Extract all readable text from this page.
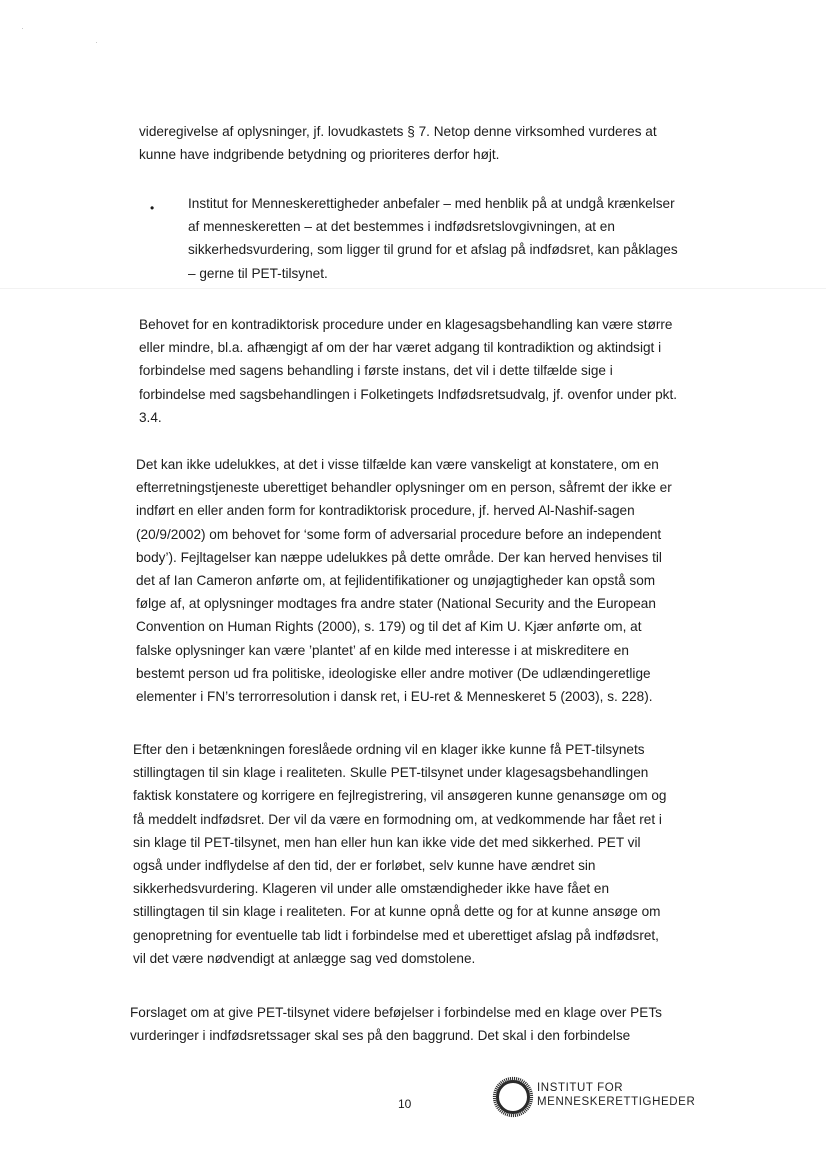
videregivelse af oplysninger, jf. lovudkastets § 7. Netop denne virksomhed vurderes at
kunne have indgribende betydning og prioriteres derfor højt.

• Institut for Menneskerettigheder anbefaler – med henblik på at undgå krænkelser
af menneskeretten – at det bestemmes i indfødsretslovgivningen, at en
sikkerhedsvurdering, som ligger til grund for et afslag på indfødsret, kan påklages
– gerne til PET-tilsynet.

Behovet for en kontradiktorisk procedure under en klagesagsbehandling kan være større
eller mindre, bl.a. afhængigt af om der har været adgang til kontradiktion og aktindsigt i
forbindelse med sagens behandling i første instans, det vil i dette tilfælde sige i
forbindelse med sagsbehandlingen i Folketingets Indfødsretsudvalg, jf. ovenfor under pkt.
3.4.

Det kan ikke udelukkes, at det i visse tilfælde kan være vanskeligt at konstatere, om en
efterretningstjeneste uberettiget behandler oplysninger om en person, såfremt der ikke er
indført en eller anden form for kontradiktorisk procedure, jf. herved Al-Nashif-sagen
(20/9/2002) om behovet for ‘some form of adversarial procedure before an independent
body’). Fejltagelser kan næppe udelukkes på dette område. Der kan herved henvises til
det af Ian Cameron anførte om, at fejlidentifikationer og unøjagtigheder kan opstå som
følge af, at oplysninger modtages fra andre stater (National Security and the European
Convention on Human Rights (2000), s. 179) og til det af Kim U. Kjær anførte om, at
falske oplysninger kan være ’plantet’ af en kilde med interesse i at miskreditere en
bestemt person ud fra politiske, ideologiske eller andre motiver (De udlændingeretlige
elementer i FN’s terrorresolution i dansk ret, i EU-ret & Menneskeret 5 (2003), s. 228).

Efter den i betænkningen foreslåede ordning vil en klager ikke kunne få PET-tilsynets
stillingtagen til sin klage i realiteten. Skulle PET-tilsynet under klagesagsbehandlingen
faktisk konstatere og korrigere en fejlregistrering, vil ansøgeren kunne genansøge om og
få meddelt indfødsret. Der vil da være en formodning om, at vedkommende har fået ret i
sin klage til PET-tilsynet, men han eller hun kan ikke vide det med sikkerhed. PET vil
også under indflydelse af den tid, der er forløbet, selv kunne have ændret sin
sikkerhedsvurdering. Klageren vil under alle omstændigheder ikke have fået en
stillingtagen til sin klage i realiteten. For at kunne opnå dette og for at kunne ansøge om
genopretning for eventuelle tab lidt i forbindelse med et uberettiget afslag på indfødsret,
vil det være nødvendigt at anlægge sag ved domstolene.

Forslaget om at give PET-tilsynet videre beføjelser i forbindelse med en klage over PETs
vurderinger i indfødsretssager skal ses på den baggrund. Det skal i den forbindelse

10
INSTITUT FOR
MENNESKERETTIGHEDER
